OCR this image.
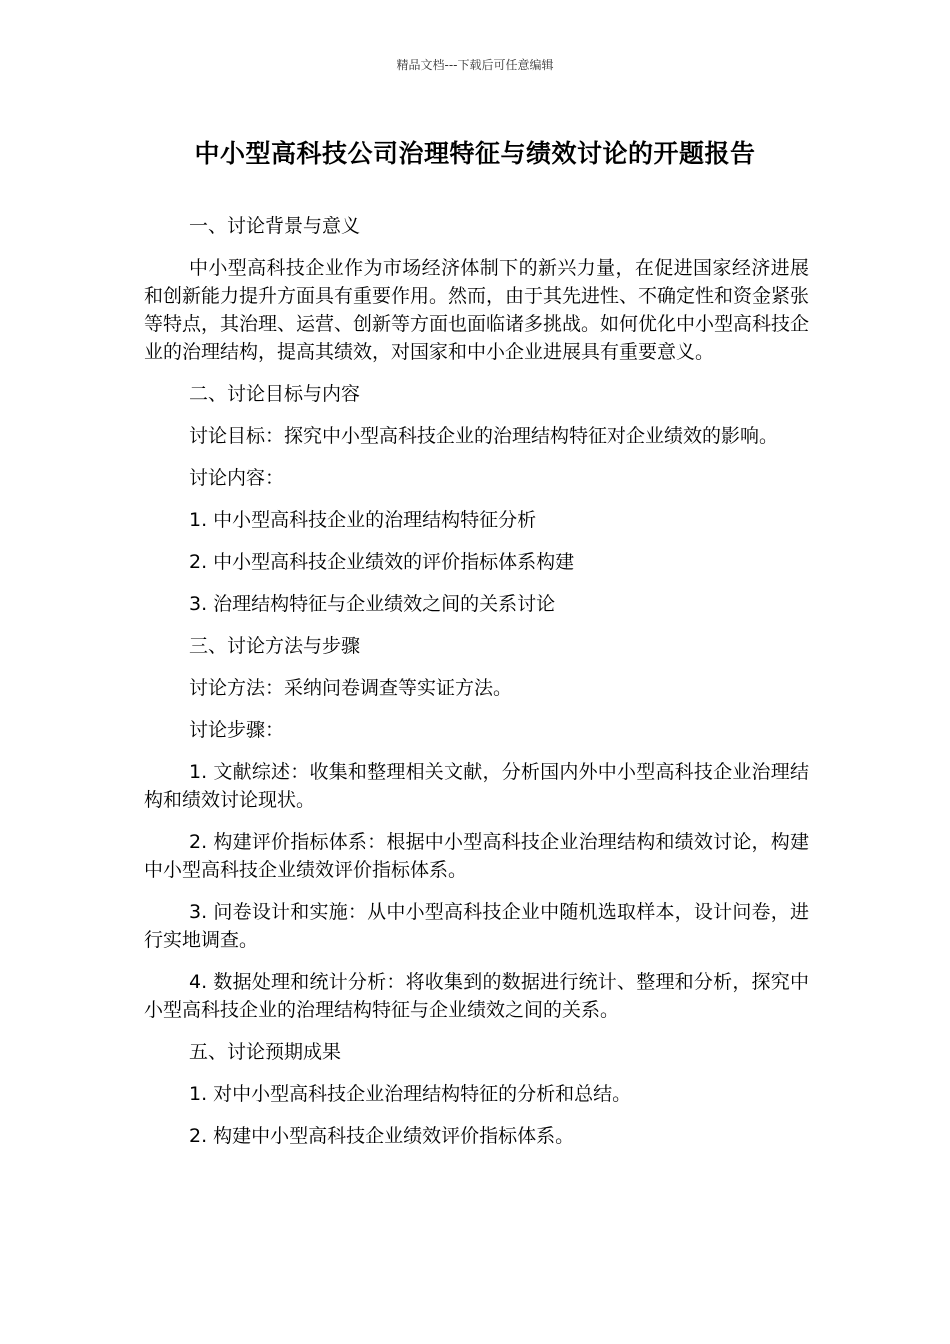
精品文档---下载后可任意编辑
中小型高科技公司治理特征与绩效讨论的开题报告

一、讨论背景与意义

中小型高科技企业作为市场经济体制下的新兴力量，在促进国家经济进展和创新能力提升方面具有重要作用。然而，由于其先进性、不确定性和资金紧张等特点，其治理、运营、创新等方面也面临诸多挑战。如何优化中小型高科技企业的治理结构，提高其绩效，对国家和中小企业进展具有重要意义。

二、讨论目标与内容

讨论目标：探究中小型高科技企业的治理结构特征对企业绩效的影响。

讨论内容：

1. 中小型高科技企业的治理结构特征分析

2. 中小型高科技企业绩效的评价指标体系构建

3. 治理结构特征与企业绩效之间的关系讨论

三、讨论方法与步骤

讨论方法：采纳问卷调查等实证方法。

讨论步骤：

1. 文献综述：收集和整理相关文献，分析国内外中小型高科技企业治理结构和绩效讨论现状。

2. 构建评价指标体系：根据中小型高科技企业治理结构和绩效讨论，构建中小型高科技企业绩效评价指标体系。

3. 问卷设计和实施：从中小型高科技企业中随机选取样本，设计问卷，进行实地调查。

4. 数据处理和统计分析：将收集到的数据进行统计、整理和分析，探究中小型高科技企业的治理结构特征与企业绩效之间的关系。

五、讨论预期成果

1. 对中小型高科技企业治理结构特征的分析和总结。

2. 构建中小型高科技企业绩效评价指标体系。
